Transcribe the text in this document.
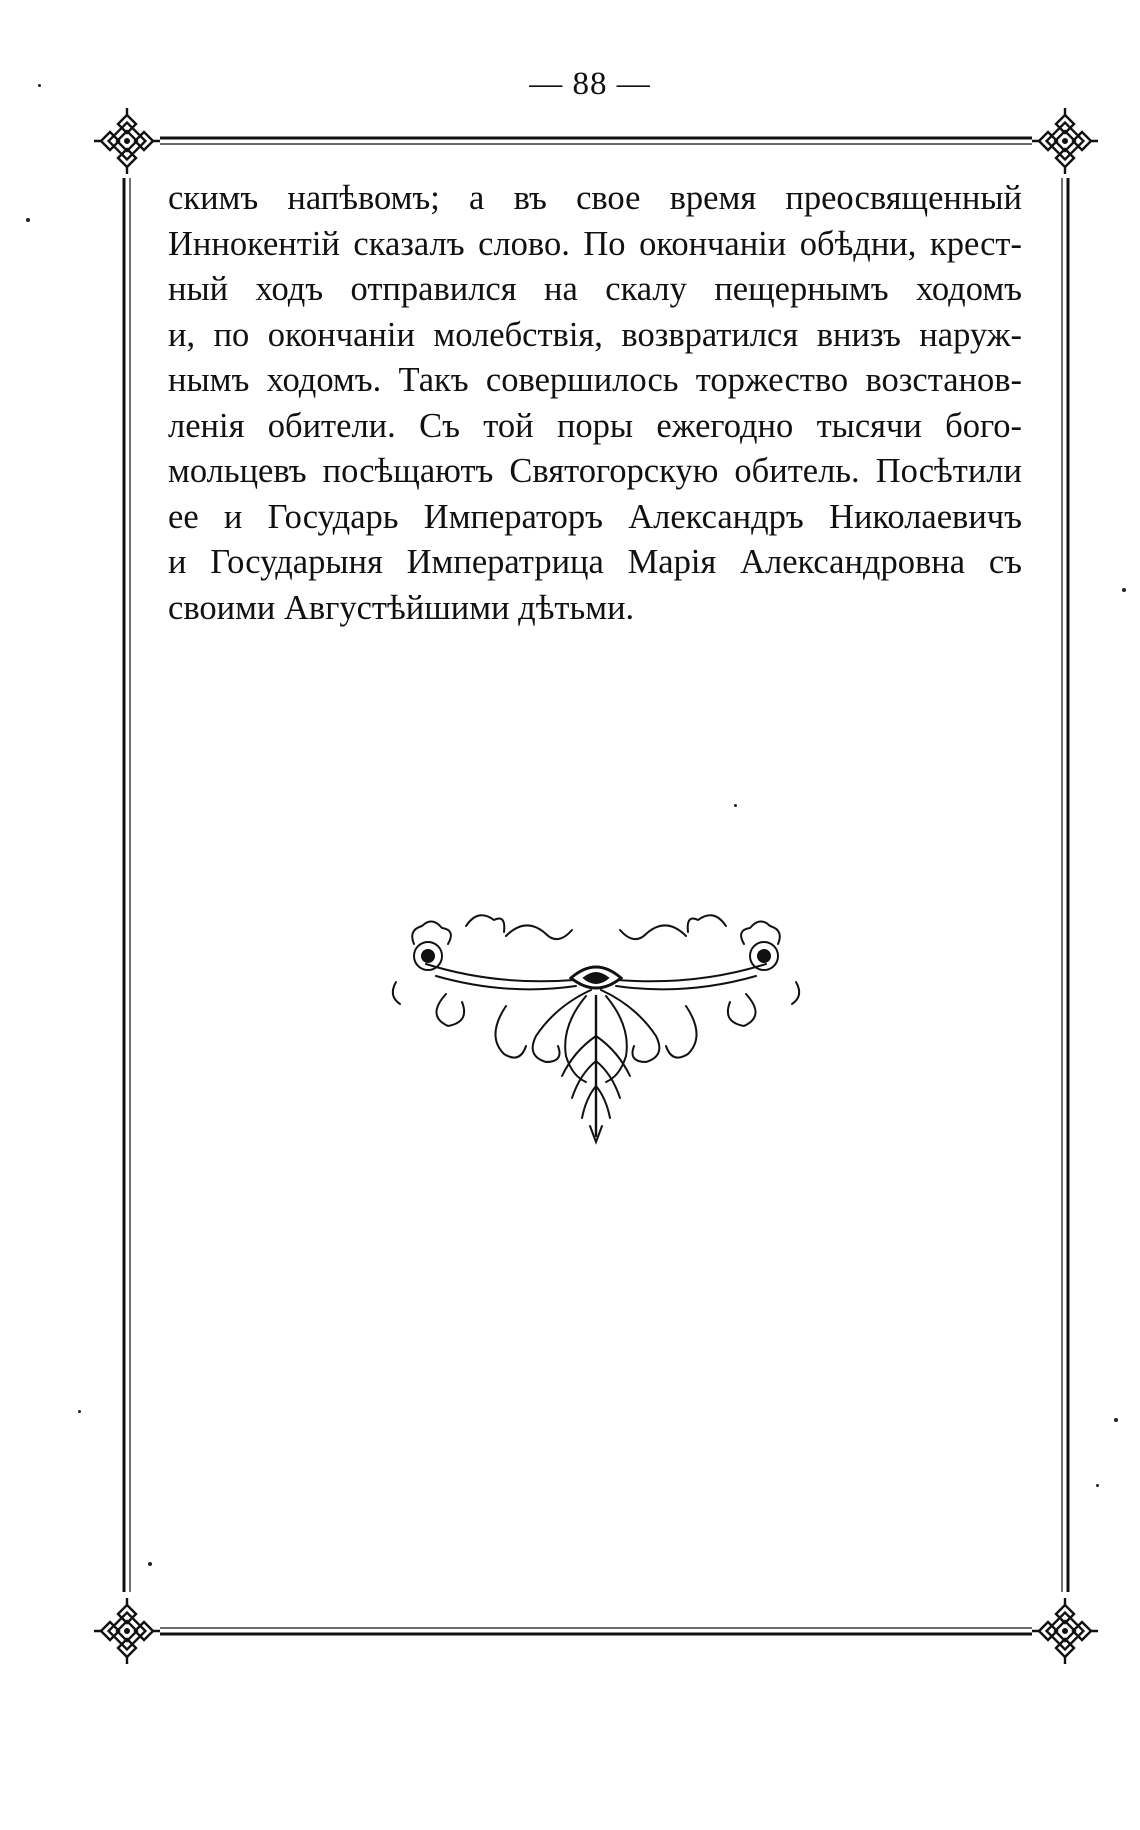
— 88 —
скимъ напѣвомъ; а въ свое время преосвященный
Иннокентій сказалъ слово. По окончаніи обѣдни, крест-
ный ходъ отправился на скалу пещернымъ ходомъ
и, по окончаніи молебствія, возвратился внизъ наруж-
нымъ ходомъ. Такъ совершилось торжество возстанов-
ленія обители. Съ той поры ежегодно тысячи бого-
мольцевъ посѣщаютъ Святогорскую обитель. Посѣтили
ее и Государь Императоръ Александръ Николаевичъ
и Государыня Императрица Марія Александровна съ
своими Августѣйшими дѣтьми.
